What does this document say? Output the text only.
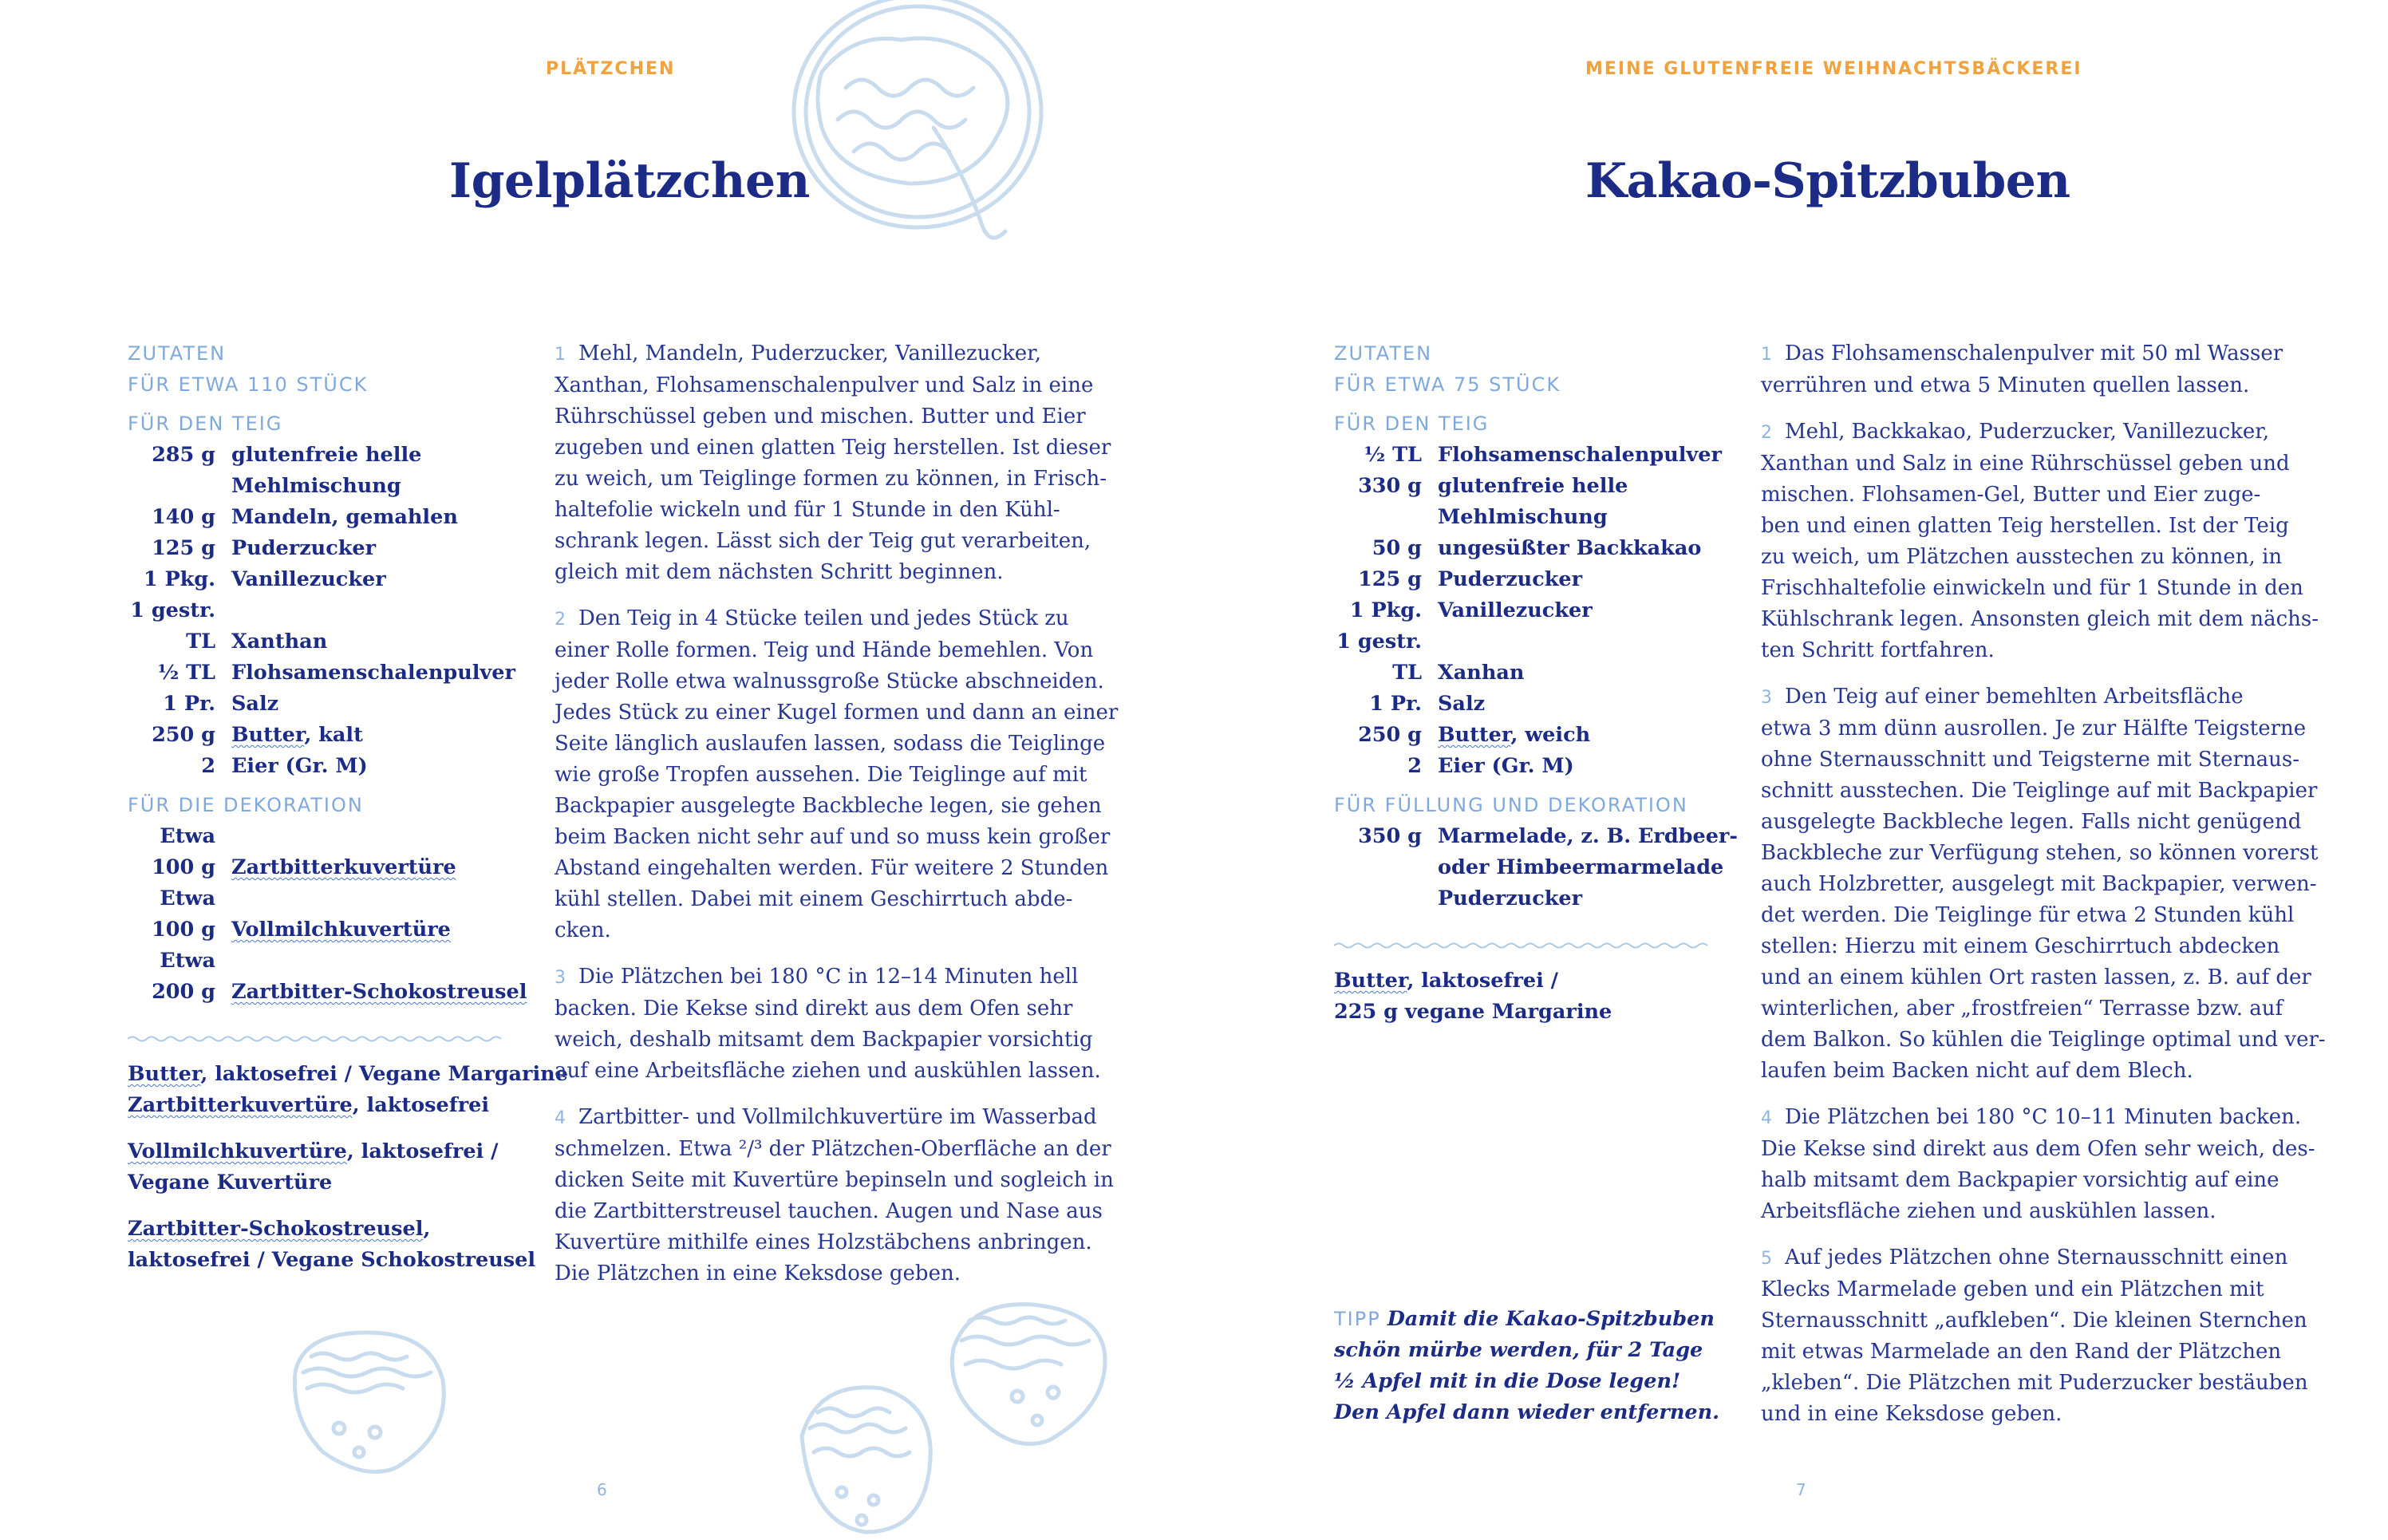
PLÄTZCHEN
Igelplätzchen
ZUTATEN
FÜR ETWA 110 STÜCK
FÜR DEN TEIG
285 g glutenfreie helle
Mehlmischung
140 g Mandeln, gemahlen
125 g Puderzucker
1 Pkg. Vanillezucker
1 gestr.
TL Xanthan
½ TL Flohsamenschalenpulver
1 Pr. Salz
250 g Butter, kalt
2 Eier (Gr. M)
FÜR DIE DEKORATION
Etwa
100 g Zartbitterkuvertüre
Etwa
100 g Vollmilchkuvertüre
Etwa
200 g Zartbitter-Schokostreusel
Butter, laktosefrei / Vegane Margarine
Zartbitterkuvertüre, laktosefrei
Vollmilchkuvertüre, laktosefrei /
Vegane Kuvertüre
Zartbitter-Schokostreusel,
laktosefrei / Vegane Schokostreusel
1 Mehl, Mandeln, Puderzucker, Vanillezucker,
Xanthan, Flohsamenschalenpulver und Salz in eine
Rührschüssel geben und mischen. Butter und Eier
zugeben und einen glatten Teig herstellen. Ist dieser
zu weich, um Teiglinge formen zu können, in Frisch-
haltefolie wickeln und für 1 Stunde in den Kühl-
schrank legen. Lässt sich der Teig gut verarbeiten,
gleich mit dem nächsten Schritt beginnen.
2 Den Teig in 4 Stücke teilen und jedes Stück zu
einer Rolle formen. Teig und Hände bemehlen. Von
jeder Rolle etwa walnussgroße Stücke abschneiden.
Jedes Stück zu einer Kugel formen und dann an einer
Seite länglich auslaufen lassen, sodass die Teiglinge
wie große Tropfen aussehen. Die Teiglinge auf mit
Backpapier ausgelegte Backbleche legen, sie gehen
beim Backen nicht sehr auf und so muss kein großer
Abstand eingehalten werden. Für weitere 2 Stunden
kühl stellen. Dabei mit einem Geschirrtuch abde-
cken.
3 Die Plätzchen bei 180 °C in 12–14 Minuten hell
backen. Die Kekse sind direkt aus dem Ofen sehr
weich, deshalb mitsamt dem Backpapier vorsichtig
auf eine Arbeitsfläche ziehen und auskühlen lassen.
4 Zartbitter- und Vollmilchkuvertüre im Wasserbad
schmelzen. Etwa ²/³ der Plätzchen-Oberfläche an der
dicken Seite mit Kuvertüre bepinseln und sogleich in
die Zartbitterstreusel tauchen. Augen und Nase aus
Kuvertüre mithilfe eines Holzstäbchens anbringen.
Die Plätzchen in eine Keksdose geben.
6
MEINE GLUTENFREIE WEIHNACHTSBÄCKEREI
Kakao-Spitzbuben
ZUTATEN
FÜR ETWA 75 STÜCK
FÜR DEN TEIG
½ TL Flohsamenschalenpulver
330 g glutenfreie helle
Mehlmischung
50 g ungesüßter Backkakao
125 g Puderzucker
1 Pkg. Vanillezucker
1 gestr.
TL Xanhan
1 Pr. Salz
250 g Butter, weich
2 Eier (Gr. M)
FÜR FÜLLUNG UND DEKORATION
350 g Marmelade, z. B. Erdbeer-
oder Himbeermarmelade
Puderzucker
Butter, laktosefrei /
225 g vegane Margarine
TIPP Damit die Kakao-Spitzbuben
schön mürbe werden, für 2 Tage
½ Apfel mit in die Dose legen!
Den Apfel dann wieder entfernen.
1 Das Flohsamenschalenpulver mit 50 ml Wasser
verrühren und etwa 5 Minuten quellen lassen.
2 Mehl, Backkakao, Puderzucker, Vanillezucker,
Xanthan und Salz in eine Rührschüssel geben und
mischen. Flohsamen-Gel, Butter und Eier zuge-
ben und einen glatten Teig herstellen. Ist der Teig
zu weich, um Plätzchen ausstechen zu können, in
Frischhaltefolie einwickeln und für 1 Stunde in den
Kühlschrank legen. Ansonsten gleich mit dem nächs-
ten Schritt fortfahren.
3 Den Teig auf einer bemehlten Arbeitsfläche
etwa 3 mm dünn ausrollen. Je zur Hälfte Teigsterne
ohne Sternausschnitt und Teigsterne mit Sternaus-
schnitt ausstechen. Die Teiglinge auf mit Backpapier
ausgelegte Backbleche legen. Falls nicht genügend
Backbleche zur Verfügung stehen, so können vorerst
auch Holzbretter, ausgelegt mit Backpapier, verwen-
det werden. Die Teiglinge für etwa 2 Stunden kühl
stellen: Hierzu mit einem Geschirrtuch abdecken
und an einem kühlen Ort rasten lassen, z. B. auf der
winterlichen, aber „frostfreien“ Terrasse bzw. auf
dem Balkon. So kühlen die Teiglinge optimal und ver-
laufen beim Backen nicht auf dem Blech.
4 Die Plätzchen bei 180 °C 10–11 Minuten backen.
Die Kekse sind direkt aus dem Ofen sehr weich, des-
halb mitsamt dem Backpapier vorsichtig auf eine
Arbeitsfläche ziehen und auskühlen lassen.
5 Auf jedes Plätzchen ohne Sternausschnitt einen
Klecks Marmelade geben und ein Plätzchen mit
Sternausschnitt „aufkleben“. Die kleinen Sternchen
mit etwas Marmelade an den Rand der Plätzchen
„kleben“. Die Plätzchen mit Puderzucker bestäuben
und in eine Keksdose geben.
7
